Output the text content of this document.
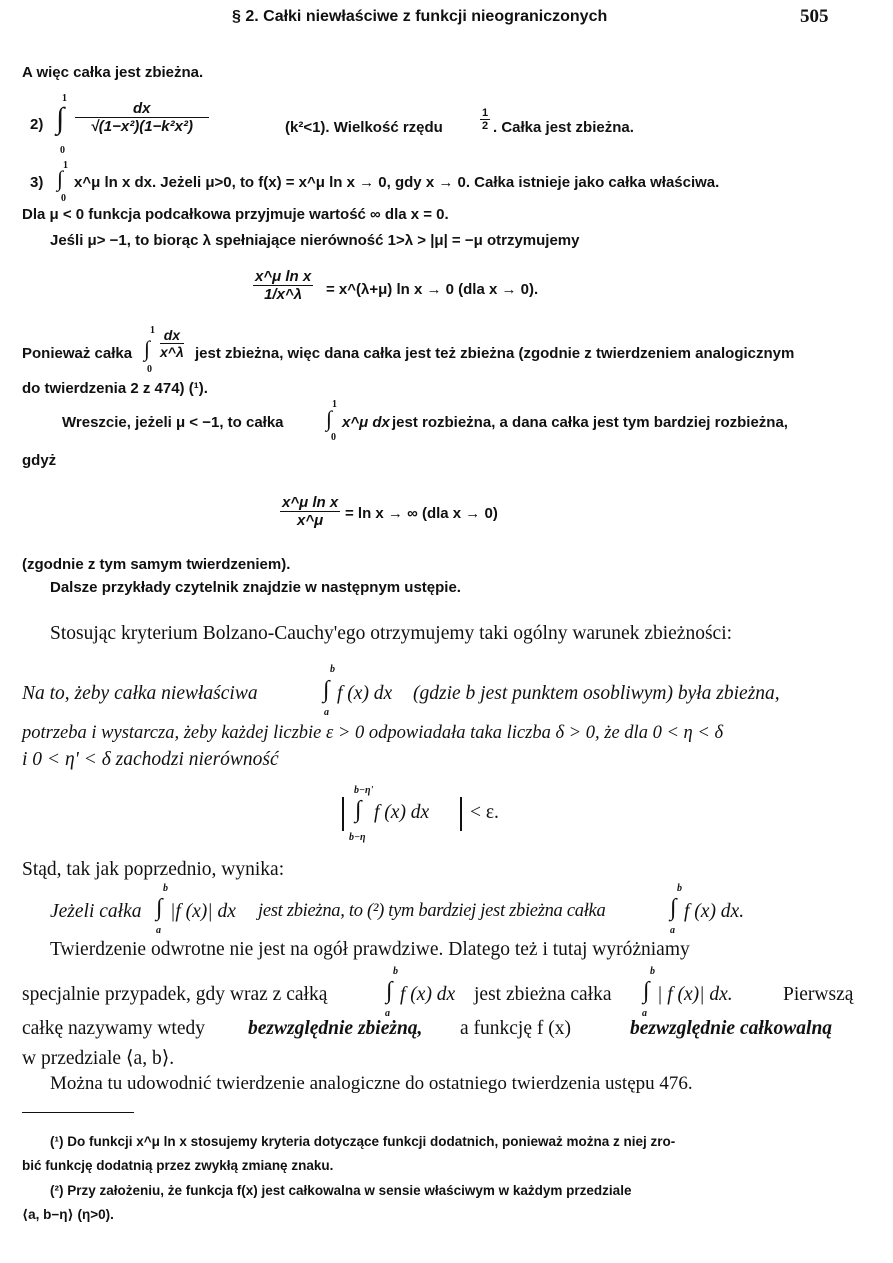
§ 2. Całki niewłaściwe z funkcji nieograniczonych	505
A więc całka jest zbieżna.
2)
1
∫
0
$\frac{dx}{\text{√(1−x²)(1−k²x²)}}$	(k²<1). Wielkość rzędu	$\frac{1}{2}$ . Całka jest zbieżna.
3)
1
∫
0
x^μ ln x dx. Jeżeli μ>0, to f(x) = x^μ ln x → 0, gdy x → 0. Całka istnieje jako całka właściwa.
Dla μ < 0 funkcja podcałkowa przyjmuje wartość ∞ dla x = 0.
Jeśli μ> −1, to biorąc λ spełniające nierówność 1>λ > |μ| = −μ otrzymujemy
$\frac{\text{x\textasciicircum{}μ ln x}}{1/x\^{}\lambda}$ = x^(λ+μ) ln x → 0 (dla x → 0).
Ponieważ całka
1
∫
0
$\frac{dx}{x\^{}\lambda}$ jest zbieżna, więc dana całka jest też zbieżna (zgodnie z twierdzeniem analogicznym
do twierdzenia 2 z 474) (¹).
Wreszcie, jeżeli μ < −1, to całka
1
∫
0
x^μ dx jest rozbieżna, a dana całka jest tym bardziej rozbieżna,
gdyż
$\frac{\text{x\textasciicircum{}μ ln x}}{x\^{}\mu} = \ln x$ → ∞ (dla x → 0)
(zgodnie z tym samym twierdzeniem).
Dalsze przykłady czytelnik znajdzie w następnym ustępie.
Stosując kryterium Bolzano-Cauchy'ego otrzymujemy taki ogólny warunek zbieżności:
Na to, żeby całka niewłaściwa
b
∫
a
f (x) dx (gdzie b jest punktem osobliwym) była zbieżna,
potrzeba i wystarcza, żeby każdej liczbie ε > 0 odpowiadała taka liczba δ > 0, że dla 0 < η < δ
i 0 < η' < δ zachodzi nierówność
b−η'
∫
b−η
f (x) dx < ε.
Stąd, tak jak poprzednio, wynika:
Jeżeli całka
b
∫
a
|f (x)| dx jest zbieżna, to (²) tym bardziej jest zbieżna całka
b
∫
a
f (x) dx.
Twierdzenie odwrotne nie jest na ogół prawdziwe. Dlatego też i tutaj wyróżniamy
specjalnie przypadek, gdy wraz z całką
b
∫
a
f (x) dx jest zbieżna całka
b
∫
a
| f (x)| dx.	Pierwszą
całkę nazywamy wtedy bezwzględnie zbieżną, a funkcję f (x)	bezwzględnie całkowalną
w przedziale ⟨a, b⟩.
Można tu udowodnić twierdzenie analogiczne do ostatniego twierdzenia ustępu 476.
(¹) Do funkcji x^μ ln x stosujemy kryteria dotyczące funkcji dodatnich, ponieważ można z niej zro-
bić funkcję dodatnią przez zwykłą zmianę znaku.
(²) Przy założeniu, że funkcja f(x) jest całkowalna w sensie właściwym w każdym przedziale
⟨a, b−η⟩ (η>0).
